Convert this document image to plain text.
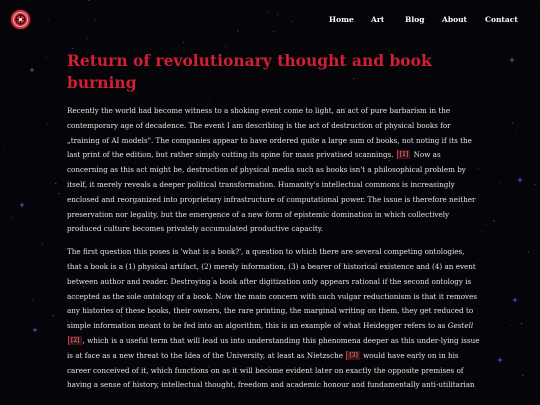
Home Art	Blog About Contact
Return of revolutionary thought and book burning

Recently the world had become witness to a shoking event come to light, an act of pure barbarism in the contemporary age of decadence. The event I am describing is the act of destruction of physical books for „training of AI models". The companies appear to have ordered quite a large sum of books, not noting if its the last print of the edition, but rather simply cutting its spine for mass privatised scannings. [1] Now as concerning as this act might be, destruction of physical media such as books isn't a philosophical problem by itself, it merely reveals a deeper political transformation. Humanity's intellectual commons is increasingly enclosed and reorganized into proprietary infrastructure of computational power. The issue is therefore neither preservation nor legality, but the emergence of a new form of epistemic domination in which collectively produced culture becomes privately accumulated productive capacity.

The first question this poses is 'what is a book?', a question to which there are several competing ontologies, that a book is a (1) physical artifact, (2) merely information, (3) a bearer of historical existence and (4) an event between author and reader. Destroying a book after digitization only appears rational if the second ontology is accepted as the sole ontology of a book. Now the main concern with such vulgar reductionism is that it removes any histories of these books, their owners, the rare printing, the marginal writing on them, they get reduced to simple information meant to be fed into an algorithm, this is an example of what Heidegger refers to as Gestell [2] , which is a useful term that will lead us into understanding this phenomena deeper as this under-lying issue is at face as a new threat to the Idea of the University, at least as Nietzsche [3] would have early on in his career conceived of it, which functions on as it will become evident later on exactly the opposite premises of having a sense of history, intellectual thought, freedom and academic honour and fundamentally anti-utilitarian
